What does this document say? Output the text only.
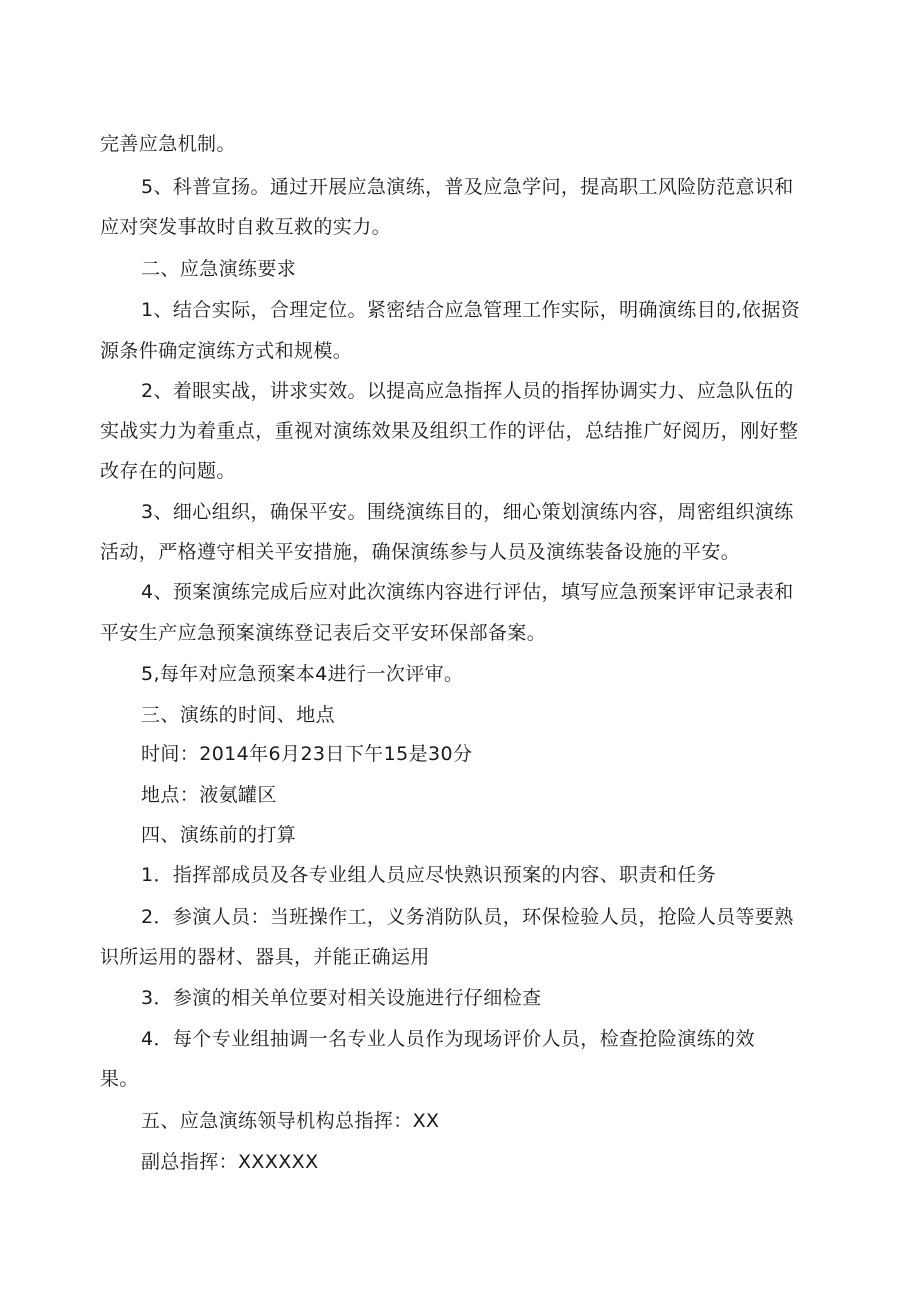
完善应急机制。
5、科普宣扬。通过开展应急演练，普及应急学问，提高职工风险防范意识和
应对突发事故时自救互救的实力。
二、应急演练要求
1、结合实际，合理定位。紧密结合应急管理工作实际，明确演练目的,依据资
源条件确定演练方式和规模。
2、着眼实战，讲求实效。以提高应急指挥人员的指挥协调实力、应急队伍的
实战实力为着重点，重视对演练效果及组织工作的评估，总结推广好阅历，刚好整
改存在的问题。
3、细心组织，确保平安。围绕演练目的，细心策划演练内容，周密组织演练
活动，严格遵守相关平安措施，确保演练参与人员及演练装备设施的平安。
4、预案演练完成后应对此次演练内容进行评估，填写应急预案评审记录表和
平安生产应急预案演练登记表后交平安环保部备案。
5,每年对应急预案本4进行一次评审。
三、演练的时间、地点
时间：2014年6月23日下午15是30分
地点：液氨罐区
四、演练前的打算
1．指挥部成员及各专业组人员应尽快熟识预案的内容、职责和任务
2．参演人员：当班操作工，义务消防队员，环保检验人员，抢险人员等要熟
识所运用的器材、器具，并能正确运用
3．参演的相关单位要对相关设施进行仔细检查
4．每个专业组抽调一名专业人员作为现场评价人员，检查抢险演练的效
果。
五、应急演练领导机构总指挥：XX
副总指挥：XXXXXX
